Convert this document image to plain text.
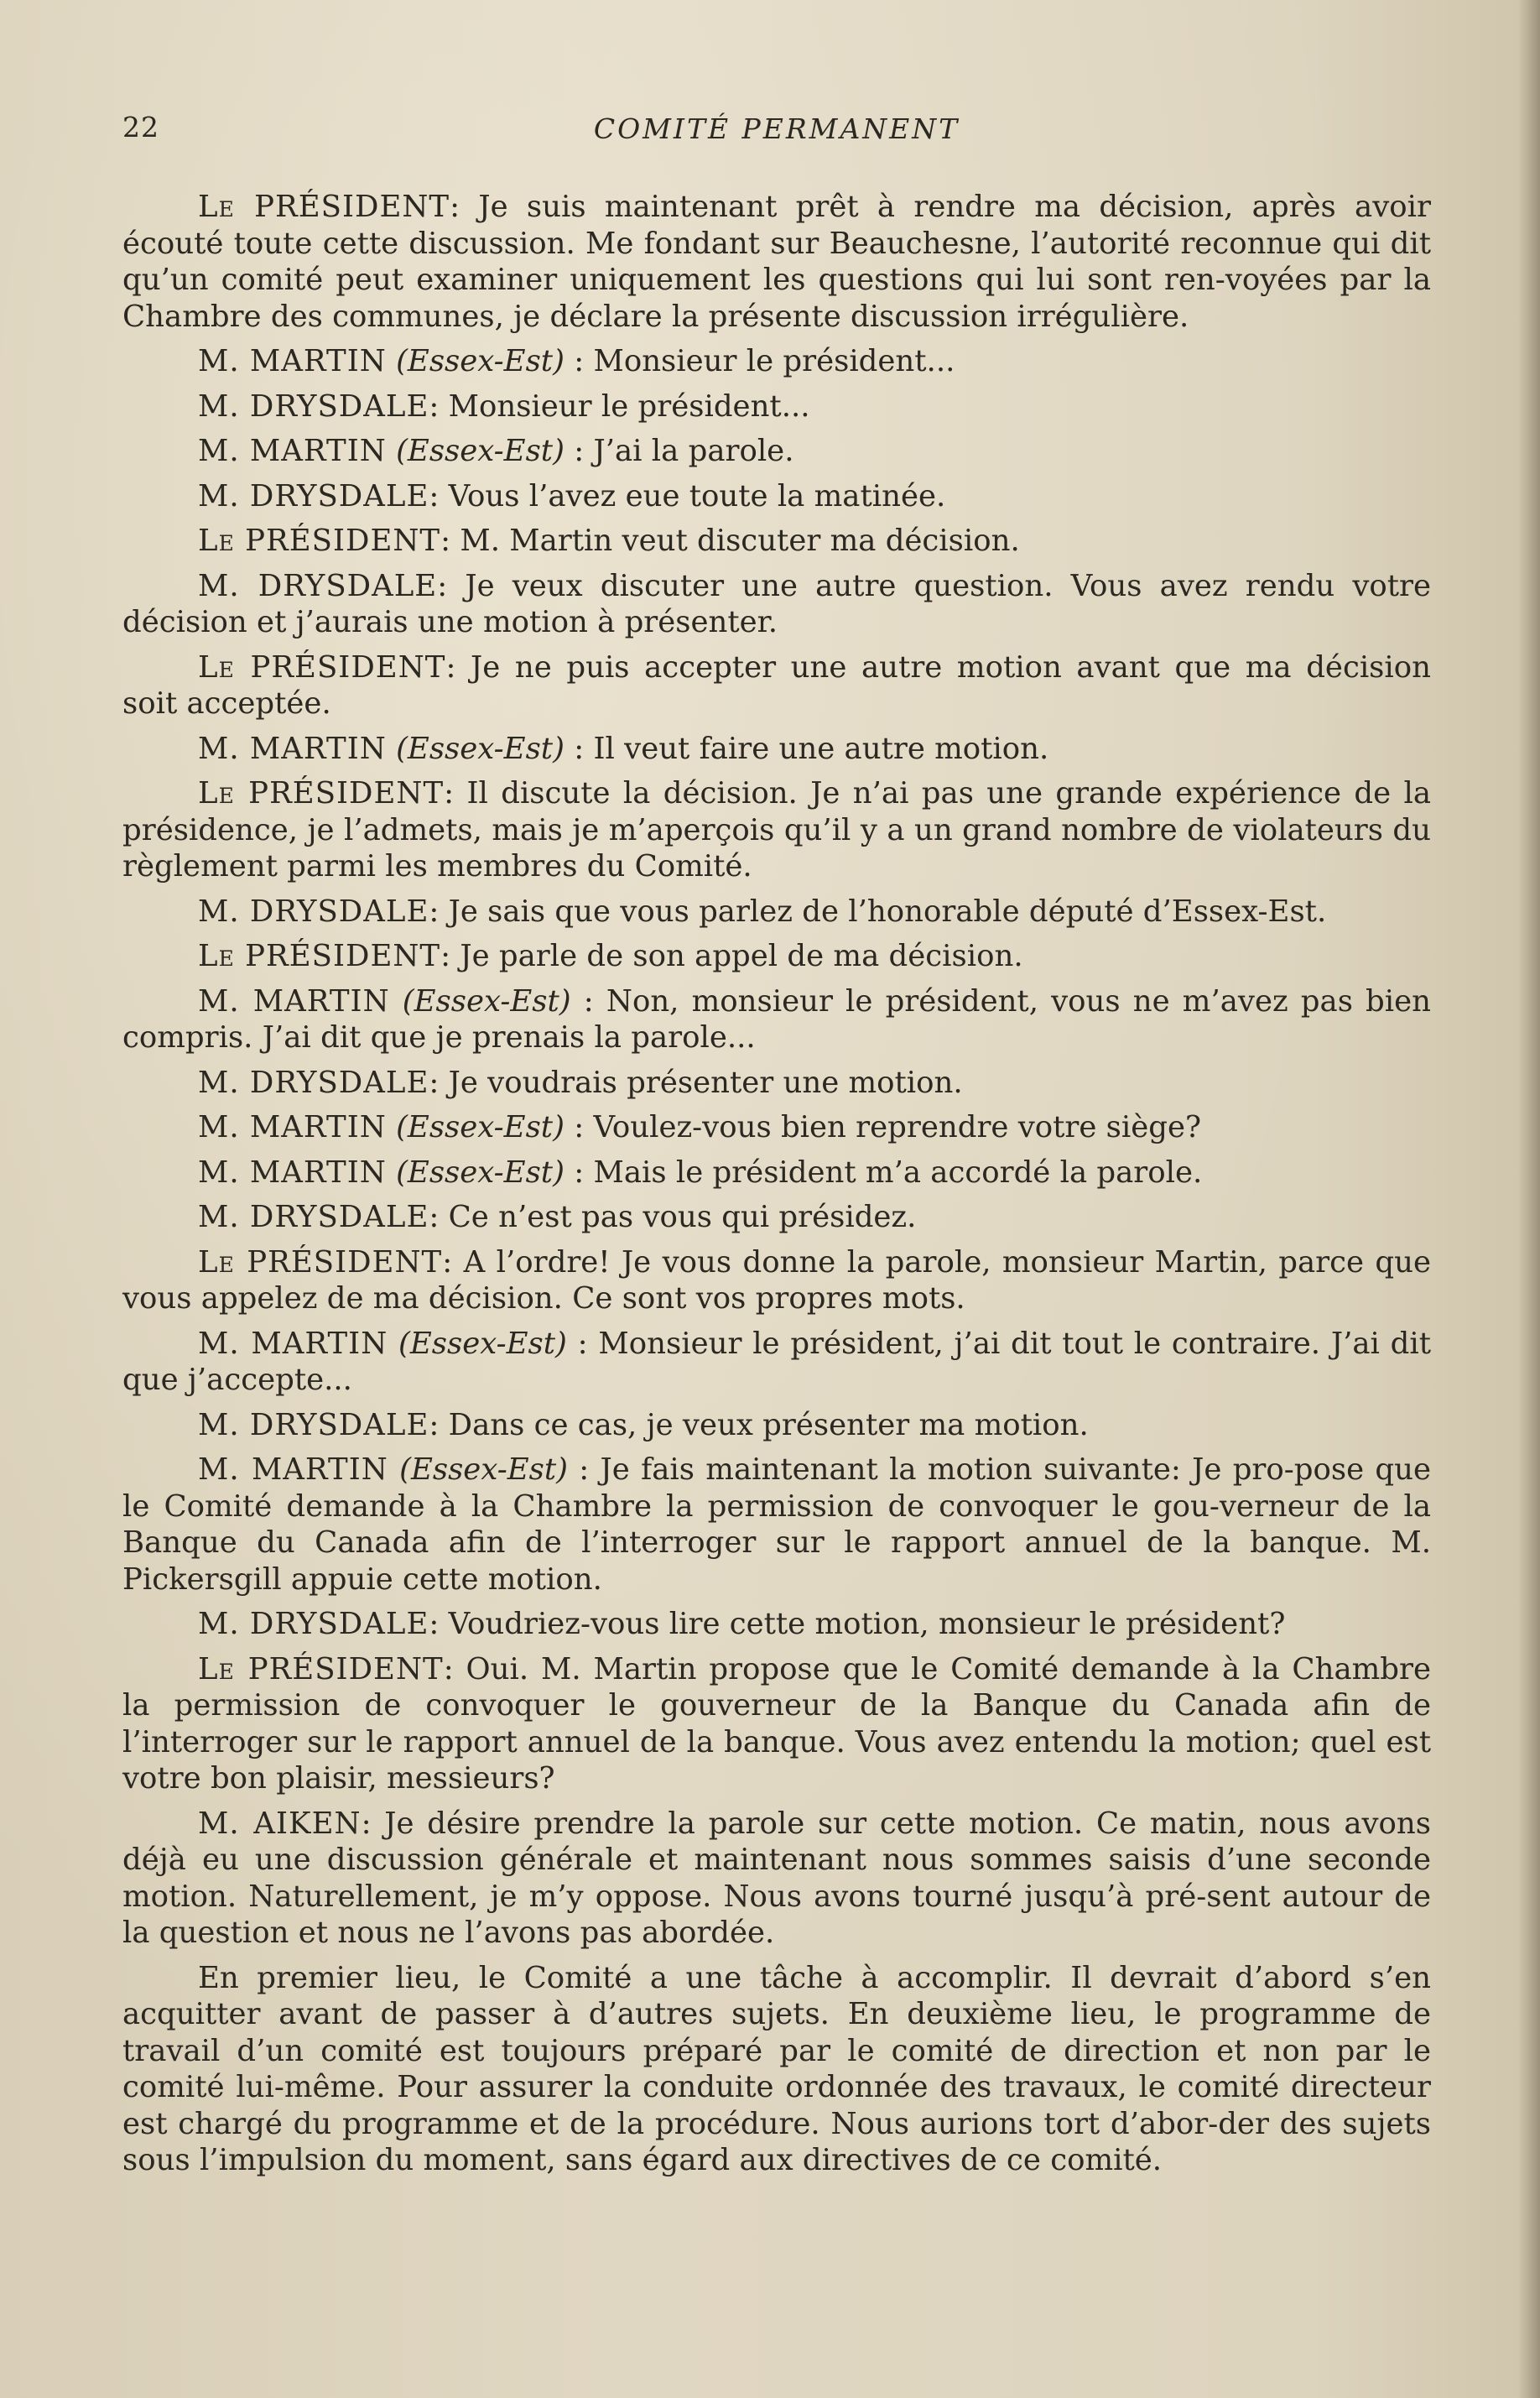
22	COMITÉ PERMANENT

Le PRÉSIDENT: Je suis maintenant prêt à rendre ma décision, après avoir écouté toute cette discussion. Me fondant sur Beauchesne, l’autorité reconnue qui dit qu’un comité peut examiner uniquement les questions qui lui sont ren-voyées par la Chambre des communes, je déclare la présente discussion irrégulière.

M. MARTIN (Essex-Est) : Monsieur le président...

M. DRYSDALE: Monsieur le président...

M. MARTIN (Essex-Est) : J’ai la parole.

M. DRYSDALE: Vous l’avez eue toute la matinée.

Le PRÉSIDENT: M. Martin veut discuter ma décision.

M. DRYSDALE: Je veux discuter une autre question. Vous avez rendu votre décision et j’aurais une motion à présenter.

Le PRÉSIDENT: Je ne puis accepter une autre motion avant que ma décision soit acceptée.

M. MARTIN (Essex-Est) : Il veut faire une autre motion.

Le PRÉSIDENT: Il discute la décision. Je n’ai pas une grande expérience de la présidence, je l’admets, mais je m’aperçois qu’il y a un grand nombre de violateurs du règlement parmi les membres du Comité.

M. DRYSDALE: Je sais que vous parlez de l’honorable député d’Essex-Est.

Le PRÉSIDENT: Je parle de son appel de ma décision.

M. MARTIN (Essex-Est) : Non, monsieur le président, vous ne m’avez pas bien compris. J’ai dit que je prenais la parole...

M. DRYSDALE: Je voudrais présenter une motion.

M. MARTIN (Essex-Est) : Voulez-vous bien reprendre votre siège?

M. MARTIN (Essex-Est) : Mais le président m’a accordé la parole.

M. DRYSDALE: Ce n’est pas vous qui présidez.

Le PRÉSIDENT: A l’ordre! Je vous donne la parole, monsieur Martin, parce que vous appelez de ma décision. Ce sont vos propres mots.

M. MARTIN (Essex-Est) : Monsieur le président, j’ai dit tout le contraire. J’ai dit que j’accepte...

M. DRYSDALE: Dans ce cas, je veux présenter ma motion.

M. MARTIN (Essex-Est) : Je fais maintenant la motion suivante: Je pro-pose que le Comité demande à la Chambre la permission de convoquer le gou-verneur de la Banque du Canada afin de l’interroger sur le rapport annuel de la banque. M. Pickersgill appuie cette motion.

M. DRYSDALE: Voudriez-vous lire cette motion, monsieur le président?

Le PRÉSIDENT: Oui. M. Martin propose que le Comité demande à la Chambre la permission de convoquer le gouverneur de la Banque du Canada afin de l’interroger sur le rapport annuel de la banque. Vous avez entendu la motion; quel est votre bon plaisir, messieurs?

M. AIKEN: Je désire prendre la parole sur cette motion. Ce matin, nous avons déjà eu une discussion générale et maintenant nous sommes saisis d’une seconde motion. Naturellement, je m’y oppose. Nous avons tourné jusqu’à pré-sent autour de la question et nous ne l’avons pas abordée.

En premier lieu, le Comité a une tâche à accomplir. Il devrait d’abord s’en acquitter avant de passer à d’autres sujets. En deuxième lieu, le programme de travail d’un comité est toujours préparé par le comité de direction et non par le comité lui-même. Pour assurer la conduite ordonnée des travaux, le comité directeur est chargé du programme et de la procédure. Nous aurions tort d’abor-der des sujets sous l’impulsion du moment, sans égard aux directives de ce comité.
